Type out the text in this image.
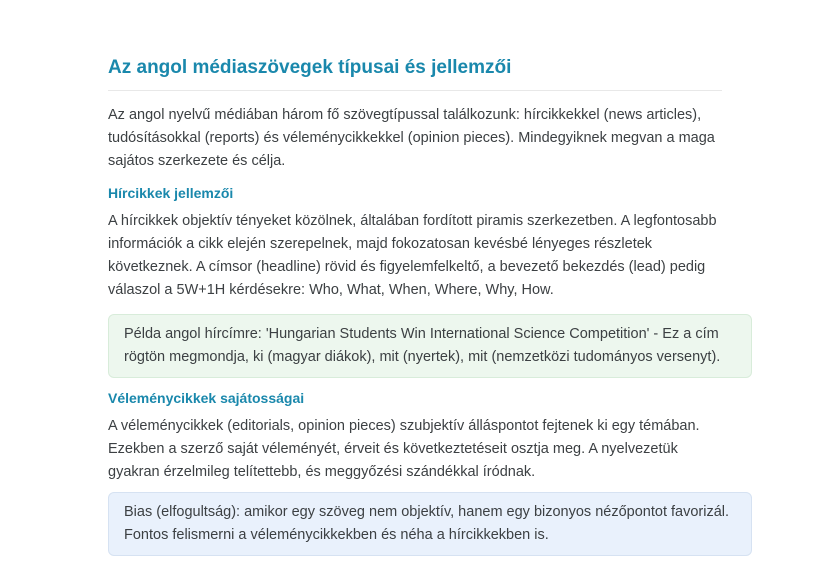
Az angol médiaszövegek típusai és jellemzői

Az angol nyelvű médiában három fő szövegtípussal találkozunk: hírcikkekkel (news articles), tudósításokkal (reports) és véleménycikkekkel (opinion pieces). Mindegyiknek megvan a maga sajátos szerkezete és célja.

Hírcikkek jellemzői

A hírcikkek objektív tényeket közölnek, általában fordított piramis szerkezetben. A legfontosabb információk a cikk elején szerepelnek, majd fokozatosan kevésbé lényeges részletek következnek. A címsor (headline) rövid és figyelemfelkeltő, a bevezető bekezdés (lead) pedig válaszol a 5W+1H kérdésekre: Who, What, When, Where, Why, How.

Példa angol hírcímre: 'Hungarian Students Win International Science Competition' - Ez a cím rögtön megmondja, ki (magyar diákok), mit (nyertek), mit (nemzetközi tudományos versenyt).

Véleménycikkek sajátosságai

A véleménycikkek (editorials, opinion pieces) szubjektív álláspontot fejtenek ki egy témában. Ezekben a szerző saját véleményét, érveit és következtetéseit osztja meg. A nyelvezetük gyakran érzelmileg telítettebb, és meggyőzési szándékkal íródnak.

Bias (elfogultság): amikor egy szöveg nem objektív, hanem egy bizonyos nézőpontot favorizál. Fontos felismerni a véleménycikkekben és néha a hírcikkekben is.
